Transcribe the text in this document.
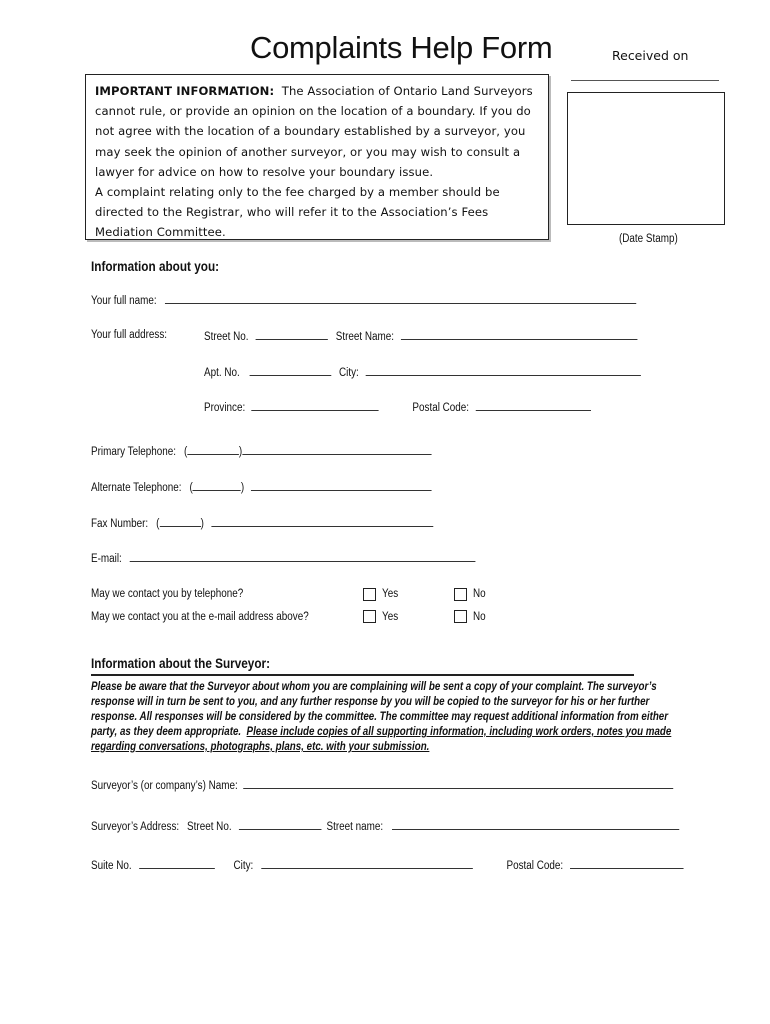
Complaints Help Form	Received on
(Date Stamp)
IMPORTANT INFORMATION: The Association of Ontario Land Surveyors cannot rule, or provide an opinion on the location of a boundary. If you do not agree with the location of a boundary established by a surveyor, you may seek the opinion of another surveyor, or you may wish to consult a lawyer for advice on how to resolve your boundary issue.
A complaint relating only to the fee charged by a member should be directed to the Registrar, who will refer it to the Association’s Fees Mediation Committee.
Information about you:
Your full name:
Your full address:	Street No.	Street Name:
Apt. No.	City:
Province:	Postal Code:
Primary Telephone: (	)
Alternate Telephone: (	)
Fax Number: (	)
E-mail:
May we contact you by telephone?	Yes	No
May we contact you at the e-mail address above?	Yes	No
Information about the Surveyor:
Please be aware that the Surveyor about whom you are complaining will be sent a copy of your complaint. The surveyor’s response will in turn be sent to you, and any further response by you will be copied to the surveyor for his or her further response. All responses will be considered by the committee. The committee may request additional information from either party, as they deem appropriate. Please include copies of all supporting information, including work orders, notes you made regarding conversations, photographs, plans, etc. with your submission.
Surveyor’s (or company’s) Name:
Surveyor’s Address: Street No.	Street name:
Suite No.	City:	Postal Code:
